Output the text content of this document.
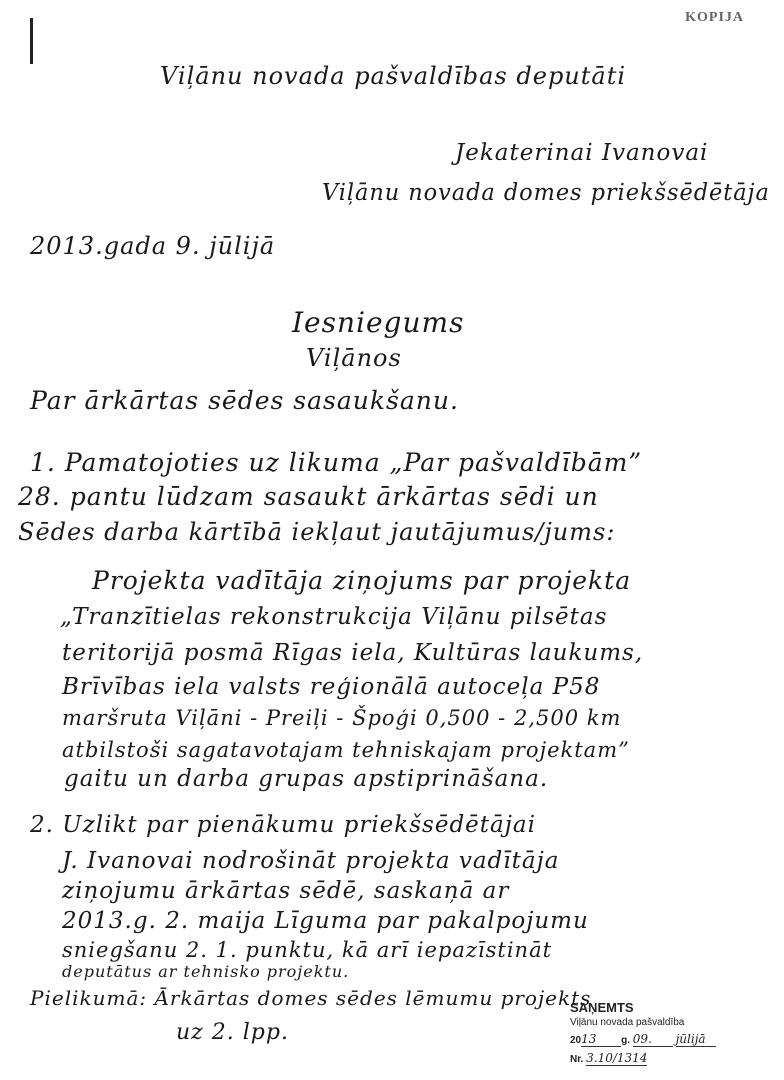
KOPIJA
Viļānu novada pašvaldības deputāti
Jekaterinai Ivanovai
Viļānu novada domes priekšsēdētāja
2013.gada 9. jūlijā
Iesniegums
Viļānos
Par ārkārtas sēdes sasaukšanu.
1. Pamatojoties uz likuma „Par pašvaldībām”
28. pantu lūdzam sasaukt ārkārtas sēdi un
Sēdes darba kārtībā iekļaut jautājumus/jums:
Projekta vadītāja ziņojums par projekta
„Tranzītielas rekonstrukcija Viļānu pilsētas
teritorijā posmā Rīgas iela, Kultūras laukums,
Brīvības iela valsts reģionālā autoceļa P58
maršruta Viļāni - Preiļi - Špoģi 0,500 - 2,500 km
atbilstoši sagatavotajam tehniskajam projektam”
gaitu un darba grupas apstiprināšana.
2. Uzlikt par pienākumu priekšsēdētājai
J. Ivanovai nodrošināt projekta vadītāja
ziņojumu ārkārtas sēdē, saskaņā ar
2013.g. 2. maija Līguma par pakalpojumu
sniegšanu 2. 1. punktu, kā arī iepazīstināt
deputātus ar tehnisko projektu.
Pielikumā: Ārkārtas domes sēdes lēmumu projekts
uz 2. lpp.
SAŅEMTS
Viļānu novada pašvaldība
2013 g. 09. jūlijā
Nr. 3.10/1314
